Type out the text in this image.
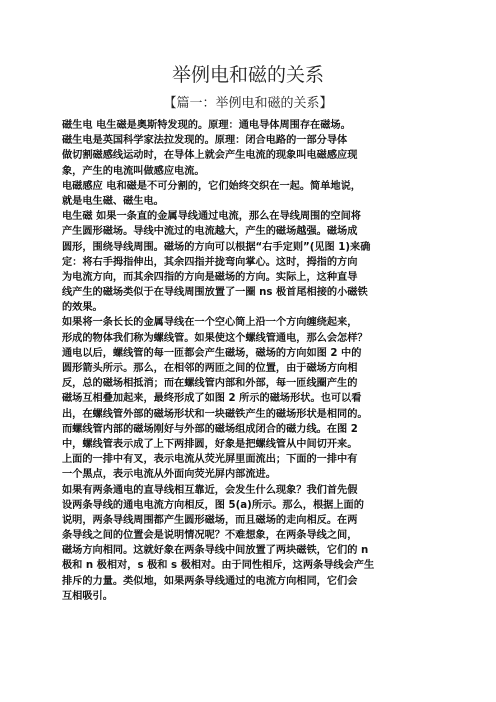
举例电和磁的关系
【篇一：举例电和磁的关系】
磁生电 电生磁是奥斯特发现的。原理：通电导体周围存在磁场。
磁生电是英国科学家法拉发现的。原理：闭合电路的一部分导体
做切割磁感线运动时，在导体上就会产生电流的现象叫电磁感应现
象，产生的电流叫做感应电流。
电磁感应 电和磁是不可分割的，它们始终交织在一起。简单地说，
就是电生磁、磁生电。
电生磁 如果一条直的金属导线通过电流，那么在导线周围的空间将
产生圆形磁场。导线中流过的电流越大，产生的磁场越强。磁场成
圆形，围绕导线周围。磁场的方向可以根据“右手定则”(见图 1)来确
定：将右手拇指伸出，其余四指并拢弯向掌心。这时，拇指的方向
为电流方向，而其余四指的方向是磁场的方向。实际上，这种直导
线产生的磁场类似于在导线周围放置了一圈 ns 极首尾相接的小磁铁
的效果。
如果将一条长长的金属导线在一个空心筒上沿一个方向缠绕起来，
形成的物体我们称为螺线管。如果使这个螺线管通电，那么会怎样？
通电以后，螺线管的每一匝都会产生磁场，磁场的方向如图 2 中的
圆形箭头所示。那么，在相邻的两匝之间的位置，由于磁场方向相
反，总的磁场相抵消；而在螺线管内部和外部，每一匝线圈产生的
磁场互相叠加起来，最终形成了如图 2 所示的磁场形状。也可以看
出，在螺线管外部的磁场形状和一块磁铁产生的磁场形状是相同的。
而螺线管内部的磁场刚好与外部的磁场组成闭合的磁力线。在图 2
中，螺线管表示成了上下两排圆，好象是把螺线管从中间切开来。
上面的一排中有叉，表示电流从荧光屏里面流出；下面的一排中有
一个黑点，表示电流从外面向荧光屏内部流进。
如果有两条通电的直导线相互靠近，会发生什么现象？我们首先假
设两条导线的通电电流方向相反，图 5(a)所示。那么，根据上面的
说明，两条导线周围都产生圆形磁场，而且磁场的走向相反。在两
条导线之间的位置会是说明情况呢？不难想象，在两条导线之间，
磁场方向相同。这就好象在两条导线中间放置了两块磁铁，它们的 n
极和 n 极相对，s 极和 s 极相对。由于同性相斥，这两条导线会产生
排斥的力量。类似地，如果两条导线通过的电流方向相同，它们会
互相吸引。
